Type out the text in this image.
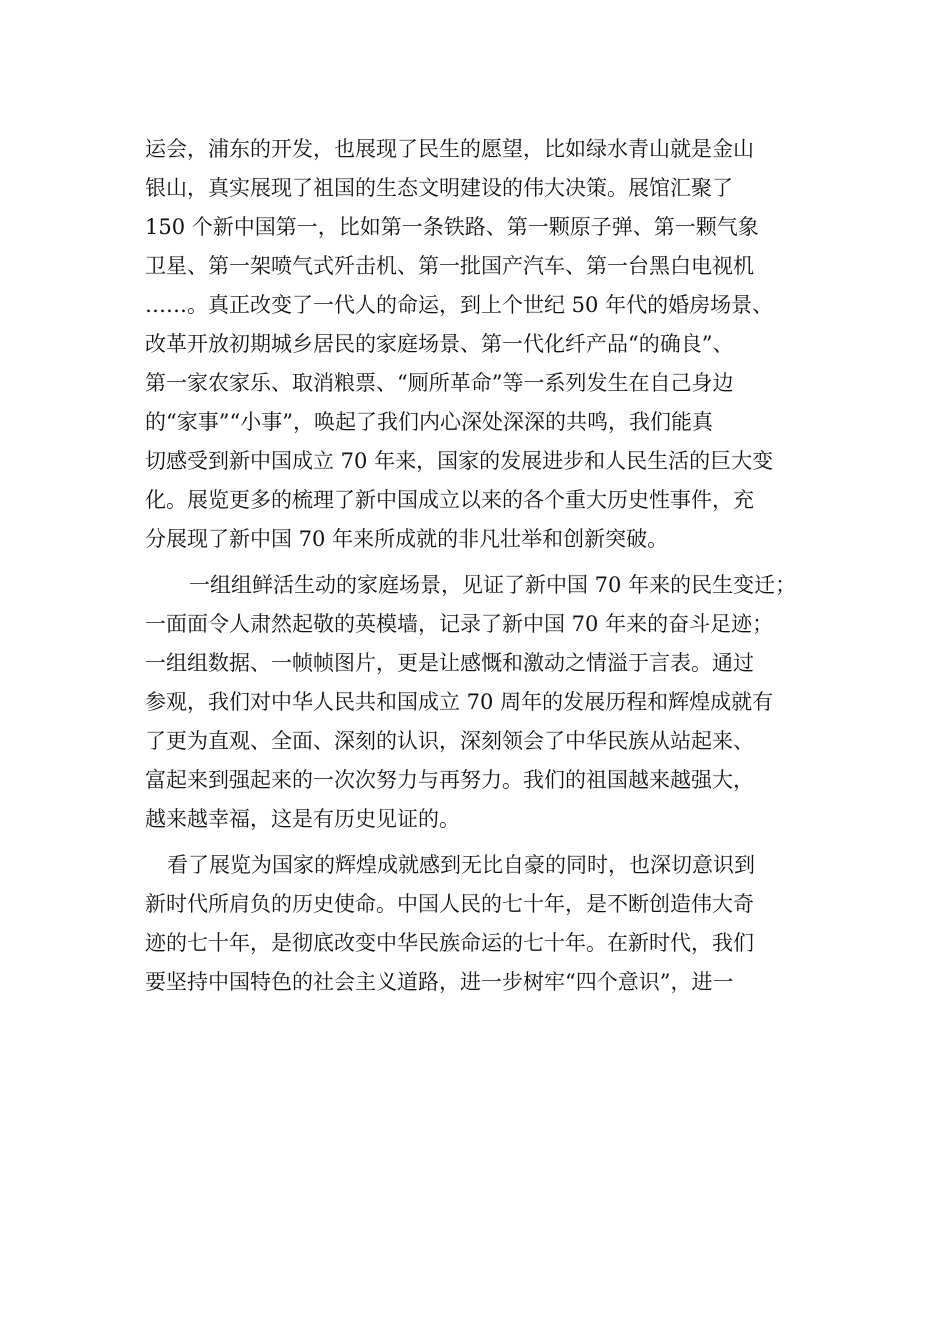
运会，浦东的开发，也展现了民生的愿望，比如绿水青山就是金山
银山，真实展现了祖国的生态文明建设的伟大决策。展馆汇聚了
150 个新中国第一，比如第一条铁路、第一颗原子弹、第一颗气象
卫星、第一架喷气式歼击机、第一批国产汽车、第一台黑白电视机
……。真正改变了一代人的命运，到上个世纪 50 年代的婚房场景、
改革开放初期城乡居民的家庭场景、第一代化纤产品“的确良”、
第一家农家乐、取消粮票、“厕所革命”等一系列发生在自己身边
的“家事”“小事”，唤起了我们内心深处深深的共鸣，我们能真
切感受到新中国成立 70 年来，国家的发展进步和人民生活的巨大变
化。展览更多的梳理了新中国成立以来的各个重大历史性事件，充
分展现了新中国 70 年来所成就的非凡壮举和创新突破。
一组组鲜活生动的家庭场景，见证了新中国 70 年来的民生变迁；
一面面令人肃然起敬的英模墙，记录了新中国 70 年来的奋斗足迹；
一组组数据、一帧帧图片，更是让感慨和激动之情溢于言表。通过
参观，我们对中华人民共和国成立 70 周年的发展历程和辉煌成就有
了更为直观、全面、深刻的认识，深刻领会了中华民族从站起来、
富起来到强起来的一次次努力与再努力。我们的祖国越来越强大，
越来越幸福，这是有历史见证的。
看了展览为国家的辉煌成就感到无比自豪的同时，也深切意识到
新时代所肩负的历史使命。中国人民的七十年，是不断创造伟大奇
迹的七十年，是彻底改变中华民族命运的七十年。在新时代，我们
要坚持中国特色的社会主义道路，进一步树牢“四个意识”，进一
